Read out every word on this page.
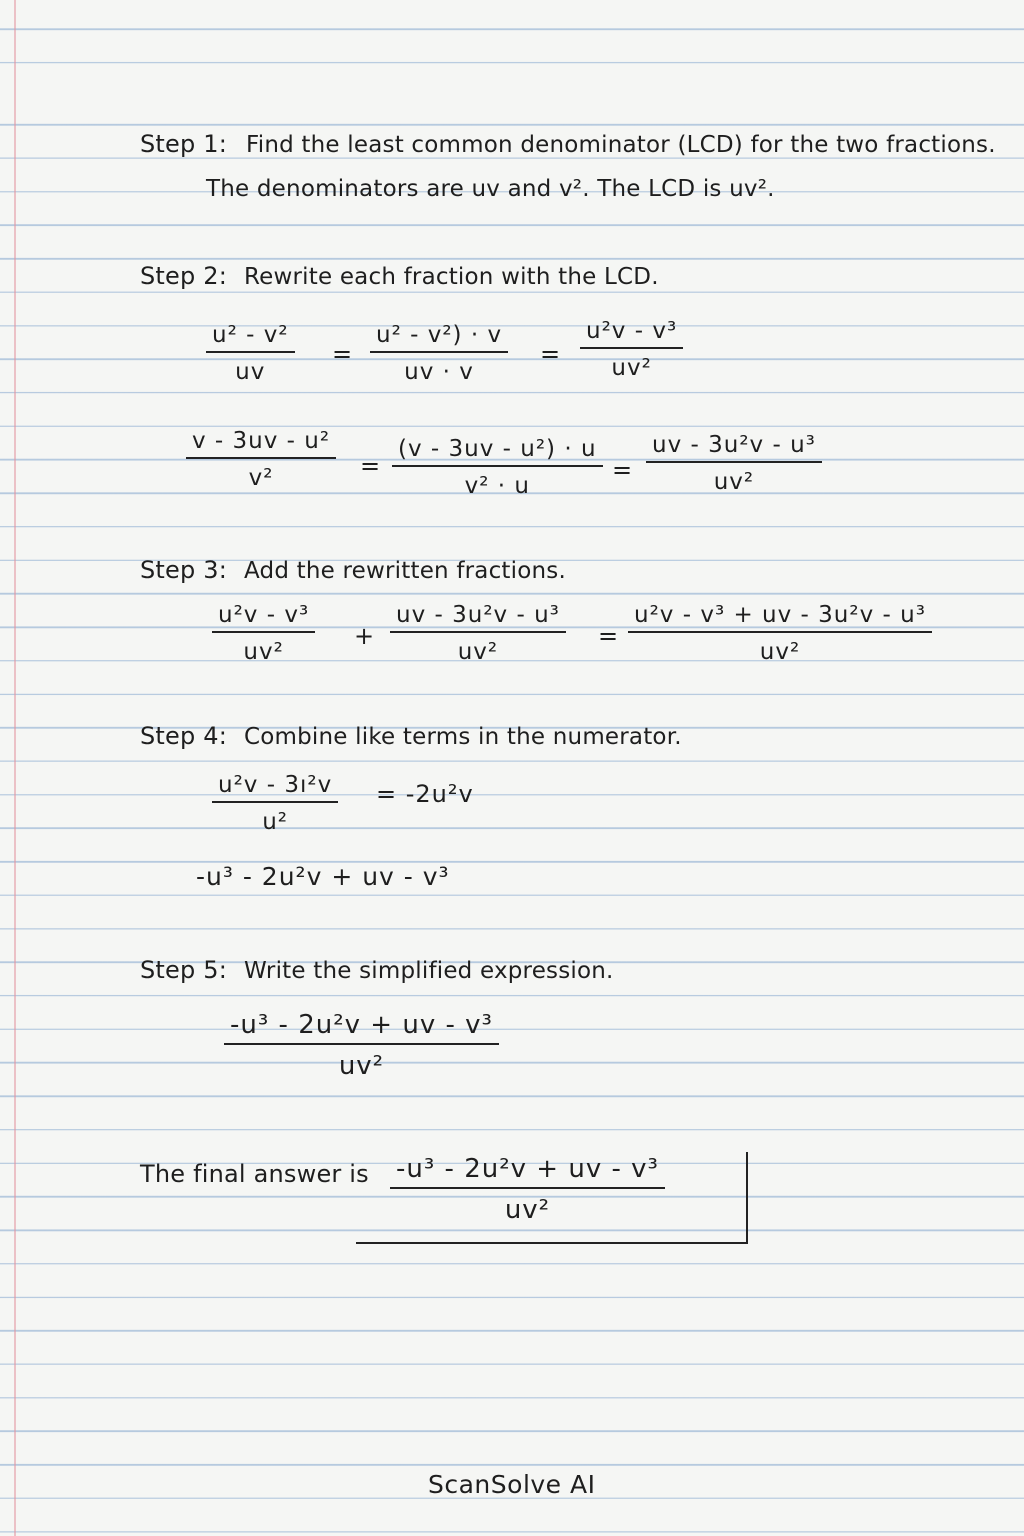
Step 1: Find the least common denominator (LCD) for the two fractions.
The denominators are uv and v². The LCD is uv².
Step 2: Rewrite each fraction with the LCD.
$\frac{\text{u² - v²}}{uv} = \frac{\text{u² - v²) · v}}{uv \cdot v} = \frac{\text{u²v - v³}}{\text{uv²}}$
$\frac{\text{v - 3uv - u²}}{\text{v²}} = \frac{\text{(v - 3uv - u²) · u}}{\text{v² · u}} = \frac{\text{uv - 3u²v - u³}}{\text{uv²}}$
Step 3: Add the rewritten fractions.
$\frac{\text{u²v - v³}}{\text{uv²}} + \frac{\text{uv - 3u²v - u³}}{\text{uv²}} = \frac{\text{u²v - v³ + uv - 3u²v - u³}}{\text{uv²}}$
Step 4: Combine like terms in the numerator.
$\frac{\text{u²v - 3ı²v}}{\text{u²}} = -2u^2v$
-u³ - 2u²v + uv - v³
Step 5: Write the simplified expression.
$\frac{\text{-u³ - 2u²v + uv - v³}}{\text{uv²}}$
The final answer is $\frac{\text{-u³ - 2u²v + uv - v³}}{\text{uv²}}$
ScanSolve AI
